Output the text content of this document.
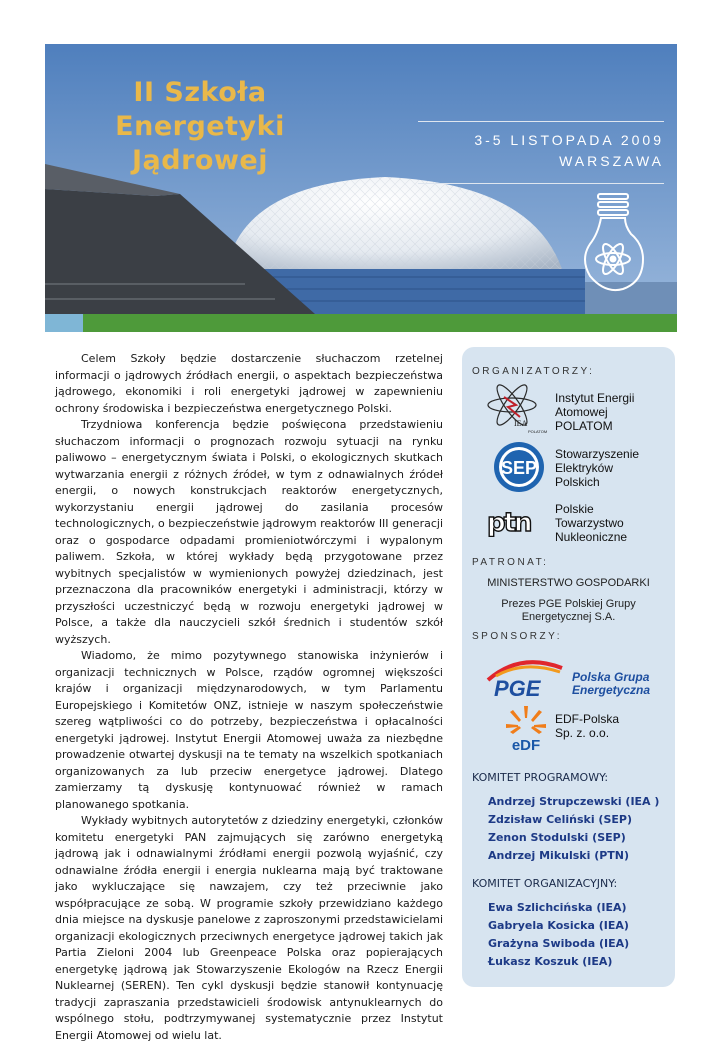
II Szkoła
Energetyki
Jądrowej
3-5 LISTOPADA 2009
WARSZAWA

Celem Szkoły będzie dostarczenie słuchaczom rzetelnej informacji o jądrowych źródłach energii, o aspektach bezpieczeństwa jądrowego, ekonomiki i roli energetyki jądrowej w zapewnieniu ochrony środowiska i bezpieczeństwa energetycznego Polski.

Trzydniowa konferencja będzie poświęcona przedstawieniu słuchaczom informacji o prognozach rozwoju sytuacji na rynku paliwowo – energetycznym świata i Polski, o ekologicznych skutkach wytwarzania energii z różnych źródeł, w tym z odnawialnych źródeł energii, o nowych konstrukcjach reaktorów energetycznych, wykorzystaniu energii jądrowej do zasilania procesów technologicznych, o bezpieczeństwie jądrowym reaktorów III generacji oraz o gospodarce odpadami promieniotwórczymi i wypalonym paliwem. Szkoła, w której wykłady będą przygotowane przez wybitnych specjalistów w wymienionych powyżej dziedzinach, jest przeznaczona dla pracowników energetyki i administracji, którzy w przyszłości uczestniczyć będą w rozwoju energetyki jądrowej w Polsce, a także dla nauczycieli szkół średnich i studentów szkół wyższych.

Wiadomo, że mimo pozytywnego stanowiska inżynierów i organizacji technicznych w Polsce, rządów ogromnej większości krajów i organizacji międzynarodowych, w tym Parlamentu Europejskiego i Komitetów ONZ, istnieje w naszym społeczeństwie szereg wątpliwości co do potrzeby, bezpieczeństwa i opłacalności energetyki jądrowej. Instytut Energii Atomowej uważa za niezbędne prowadzenie otwartej dyskusji na te tematy na wszelkich spotkaniach organizowanych za lub przeciw energetyce jądrowej. Dlatego zamierzamy tą dyskusję kontynuować również w ramach planowanego spotkania.

Wykłady wybitnych autorytetów z dziedziny energetyki, członków komitetu energetyki PAN zajmujących się zarówno energetyką jądrową jak i odnawialnymi źródłami energii pozwolą wyjaśnić, czy odnawialne źródła energii i energia nuklearna mają być traktowane jako wykluczające się nawzajem, czy też przeciwnie jako współpracujące ze sobą. W programie szkoły przewidziano każdego dnia miejsce na dyskusje panelowe z zaproszonymi przedstawicielami organizacji ekologicznych przeciwnych energetyce jądrowej takich jak Partia Zieloni 2004 lub Greenpeace Polska oraz popierających energetykę jądrową jak Stowarzyszenie Ekologów na Rzecz Energii Nuklearnej (SEREN). Ten cykl dyskusji będzie stanowił kontynuację tradycji zapraszania przedstawicieli środowisk antynuklearnych do wspólnego stołu, podtrzymywanej systematycznie przez Instytut Energii Atomowej od wielu lat.

ORGANIZATORZY:
IEA
POLATOM
Instytut Energii
Atomowej
POLATOM
SEP
Stowarzyszenie
Elektryków
Polskich
ptn Polskie
Towarzystwo
Nukleoniczne
PATRONAT:
MINISTERSTWO GOSPODARKI
Prezes PGE Polskiej Grupy
Energetycznej S.A.
SPONSORZY:
PGE	Polska Grupa
Energetyczna
eDF
EDF-Polska
Sp. z. o.o.
KOMITET PROGRAMOWY:
Andrzej Strupczewski (IEA )
Zdzisław Celiński (SEP)
Zenon Stodulski (SEP)
Andrzej Mikulski (PTN)
KOMITET ORGANIZACYJNY:
Ewa Szlichcińska (IEA)
Gabryela Kosicka (IEA)
Grażyna Swiboda (IEA)
Łukasz Koszuk (IEA)
